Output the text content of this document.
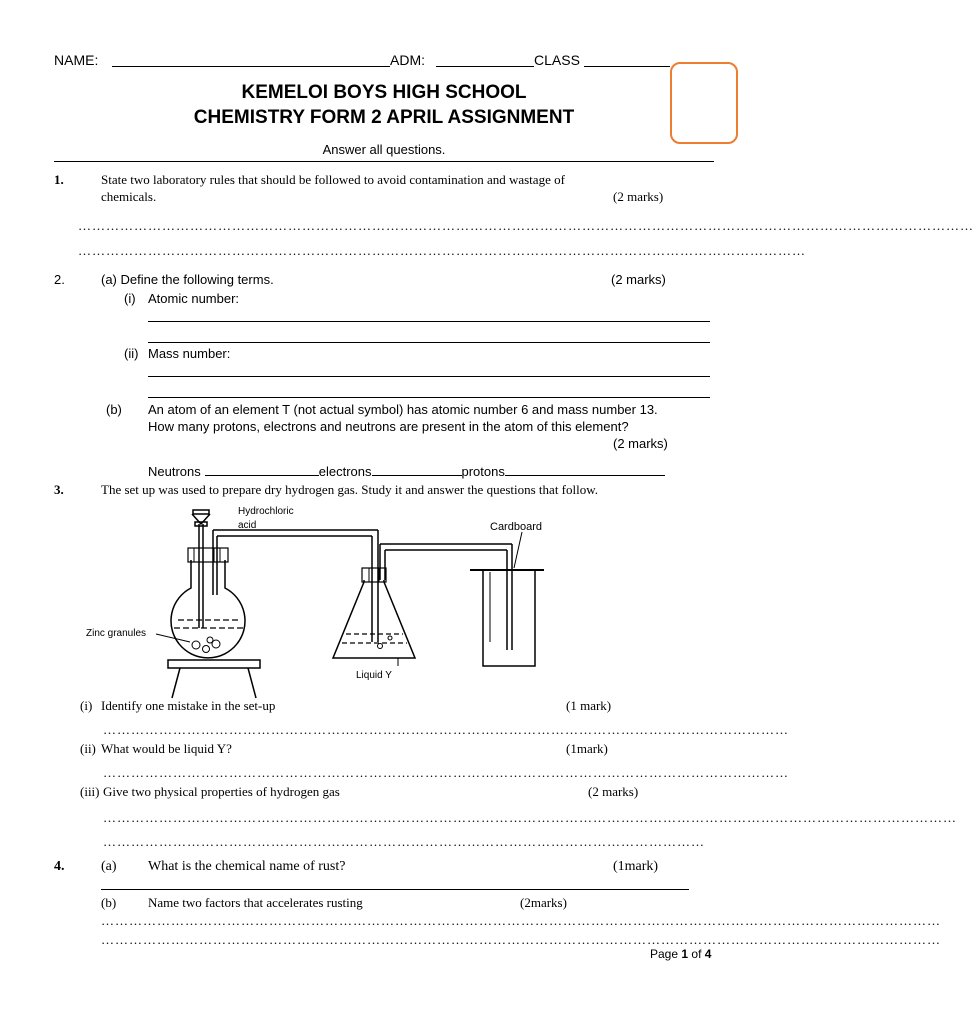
NAME:	ADM:	CLASS
KEMELOI BOYS HIGH SCHOOL
CHEMISTRY FORM 2 APRIL ASSIGNMENT
Answer all questions.
1.	State two laboratory rules that should be followed to avoid contamination and wastage of
chemicals.	(2 marks)
…………………………………………………………………………………………………………………………………………………………………………
…………………………………………………………………………………………………………………………………………
2.	(a) Define the following terms.	(2 marks)
(i) Atomic number:
(ii) Mass number:
(b) An atom of an element T (not actual symbol) has atomic number 6 and mass number 13.
How many protons, electrons and neutrons are present in the atom of this element?
(2 marks)
Neutrons	electrons	protons
3.	The set up was used to prepare dry hydrogen gas. Study it and answer the questions that follow.
Hydrochloric
acid	Cardboard
Zinc granules
Liquid Y
(i) Identify one mistake in the set-up	(1 mark)
…………………………………………………………………………………………………………………………………
(ii) What would be liquid Y?	(1mark)
…………………………………………………………………………………………………………………………………
(iii) Give two physical properties of hydrogen gas	(2 marks)
…………………………………………………………………………………………………………………………………………………………………
…………………………………………………………………………………………………………………
4.	(a) What is the chemical name of rust?	(1mark)
(b) Name two factors that accelerates rusting	(2marks)
………………………………………………………………………………………………………………………………………………………………
………………………………………………………………………………………………………………………………………………………………
Page 1 of 4
